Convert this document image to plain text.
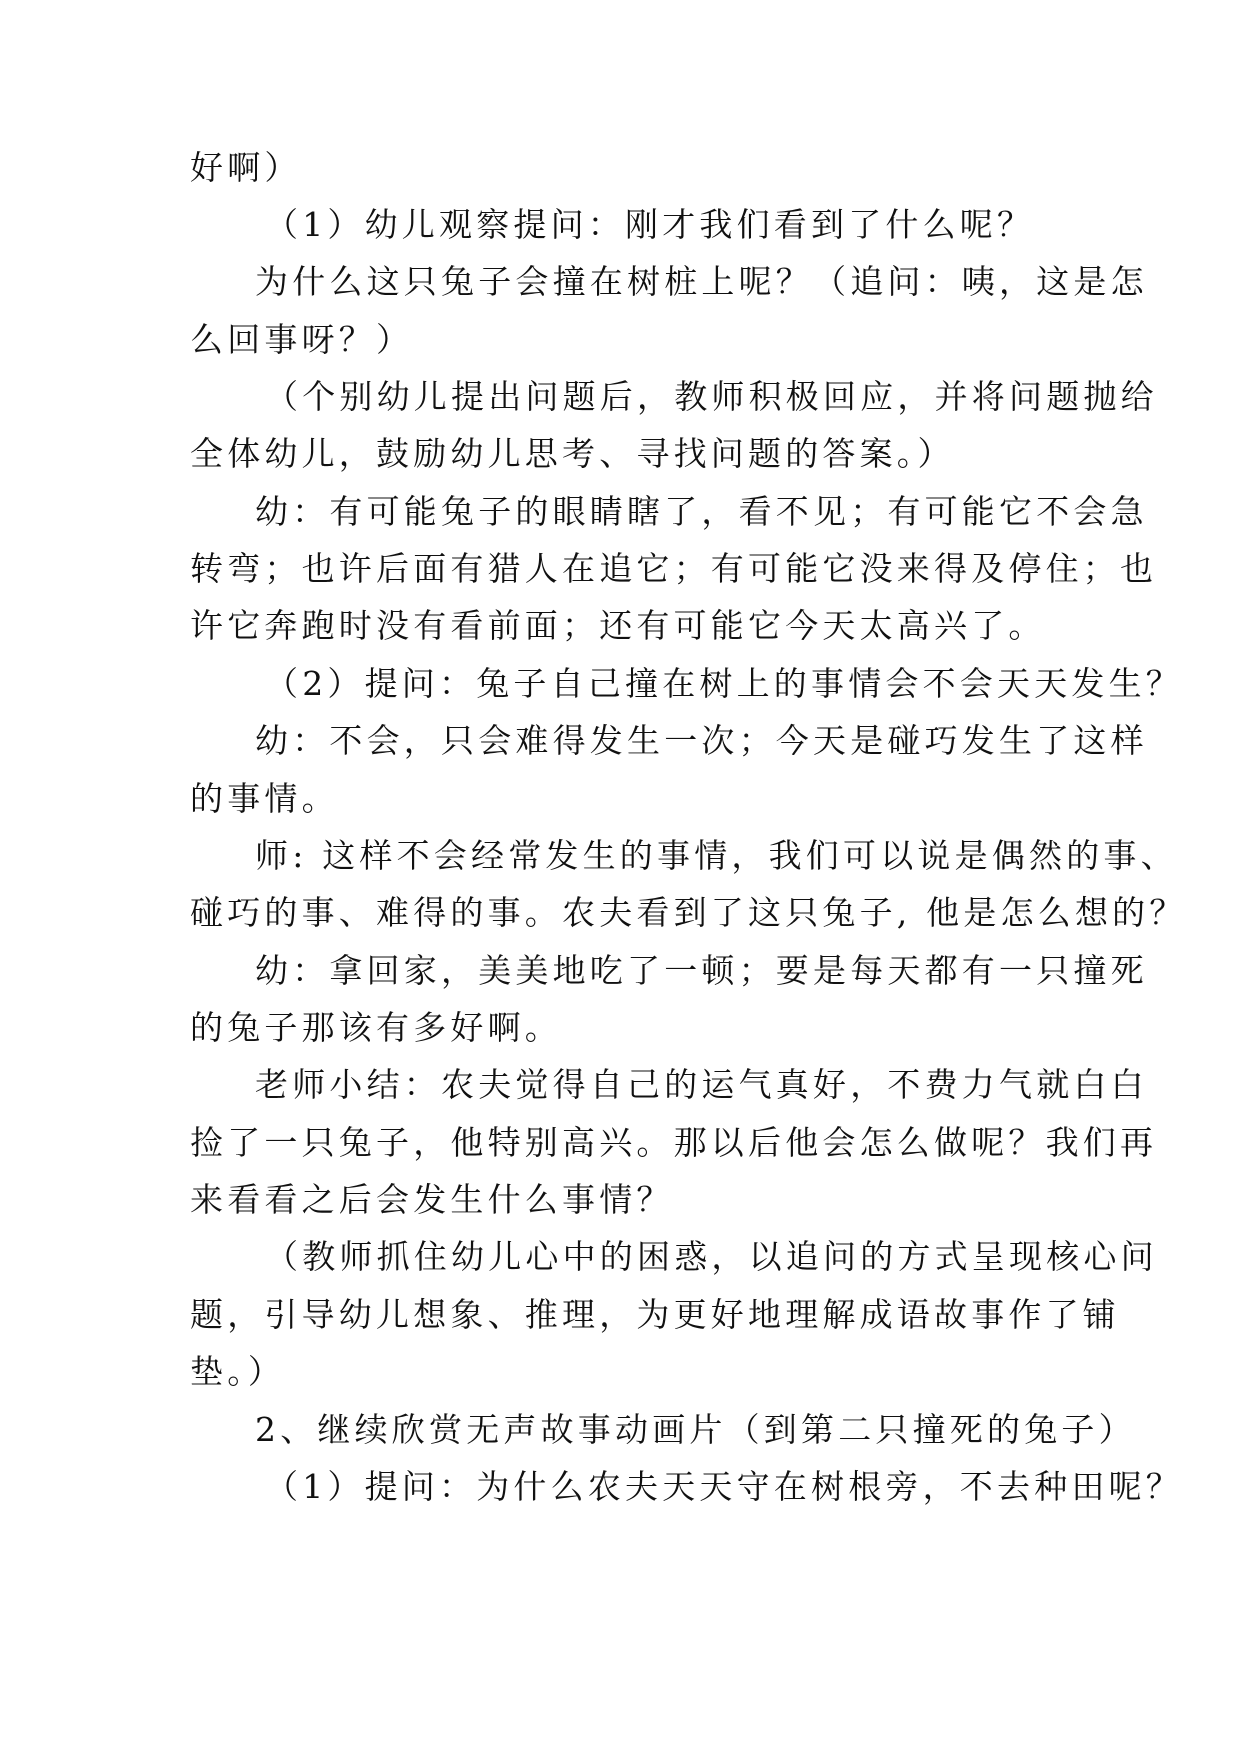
好啊）
（1）幼儿观察提问：刚才我们看到了什么呢？
为什么这只兔子会撞在树桩上呢？（追问：咦，这是怎
么回事呀？）
（个别幼儿提出问题后，教师积极回应，并将问题抛给
全体幼儿，鼓励幼儿思考、寻找问题的答案。）
幼：有可能兔子的眼睛瞎了，看不见；有可能它不会急
转弯；也许后面有猎人在追它；有可能它没来得及停住；也
许它奔跑时没有看前面；还有可能它今天太高兴了。
（2）提问：兔子自己撞在树上的事情会不会天天发生？
幼：不会，只会难得发生一次；今天是碰巧发生了这样
的事情。
师: 这样不会经常发生的事情，我们可以说是偶然的事、
碰巧的事、难得的事。农夫看到了这只兔子, 他是怎么想的？
幼：拿回家，美美地吃了一顿；要是每天都有一只撞死
的兔子那该有多好啊。
老师小结：农夫觉得自己的运气真好，不费力气就白白
捡了一只兔子，他特别高兴。那以后他会怎么做呢？我们再
来看看之后会发生什么事情？
（教师抓住幼儿心中的困惑，以追问的方式呈现核心问
题，引导幼儿想象、推理，为更好地理解成语故事作了铺
垫。）
2、继续欣赏无声故事动画片（到第二只撞死的兔子）
（1）提问：为什么农夫天天守在树根旁，不去种田呢？
